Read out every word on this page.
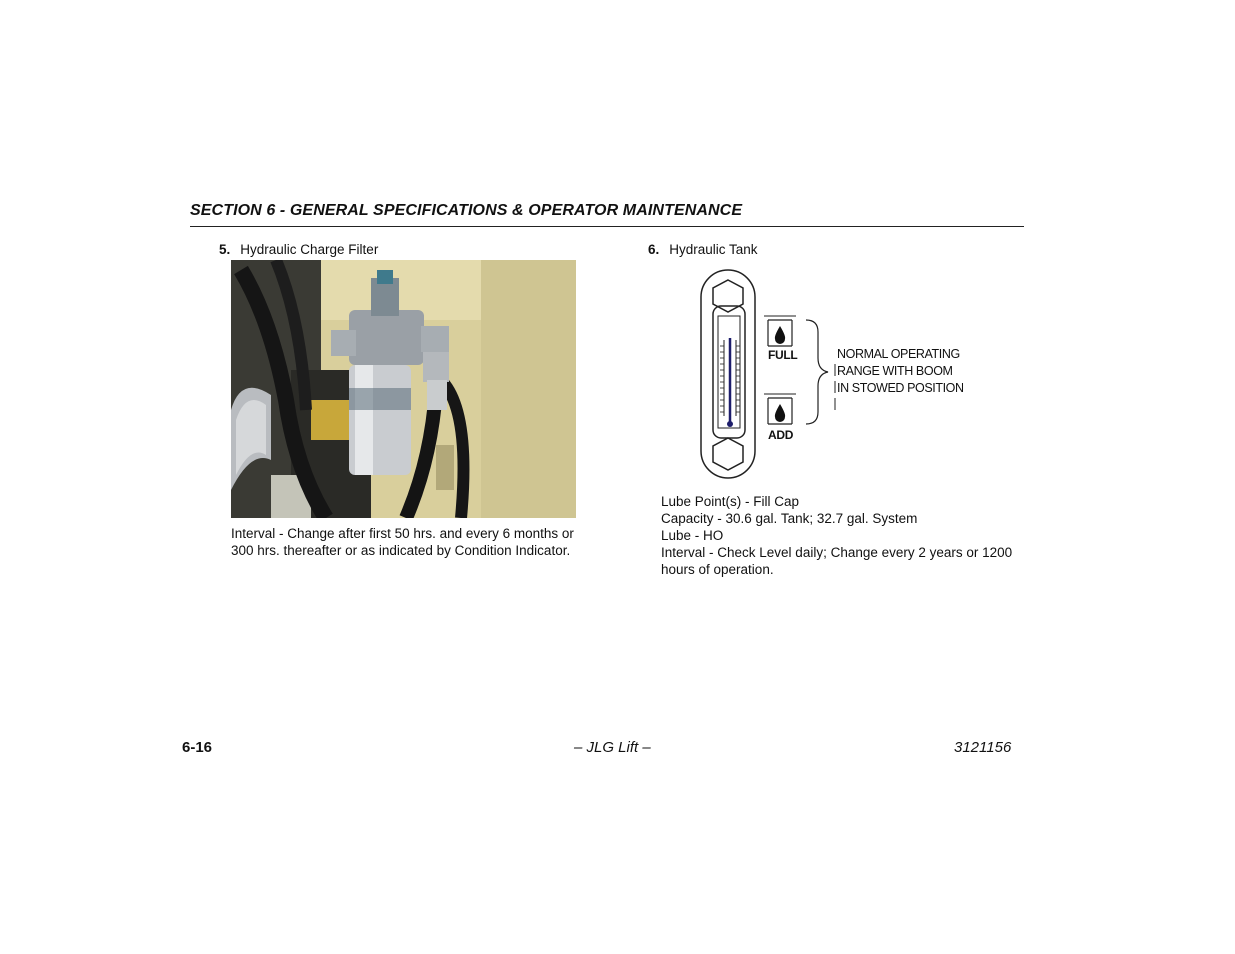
SECTION 6 - GENERAL SPECIFICATIONS & OPERATOR MAINTENANCE
5. Hydraulic Charge Filter
Interval - Change after first 50 hrs. and every 6 months or
300 hrs. thereafter or as indicated by Condition Indicator.
6. Hydraulic Tank
FULL
ADD
NORMAL OPERATING
RANGE WITH BOOM
IN STOWED POSITION
Lube Point(s) - Fill Cap
Capacity - 30.6 gal. Tank; 32.7 gal. System
Lube - HO
Interval - Check Level daily; Change every 2 years or 1200
hours of operation.
6-16	– JLG Lift –	3121156
